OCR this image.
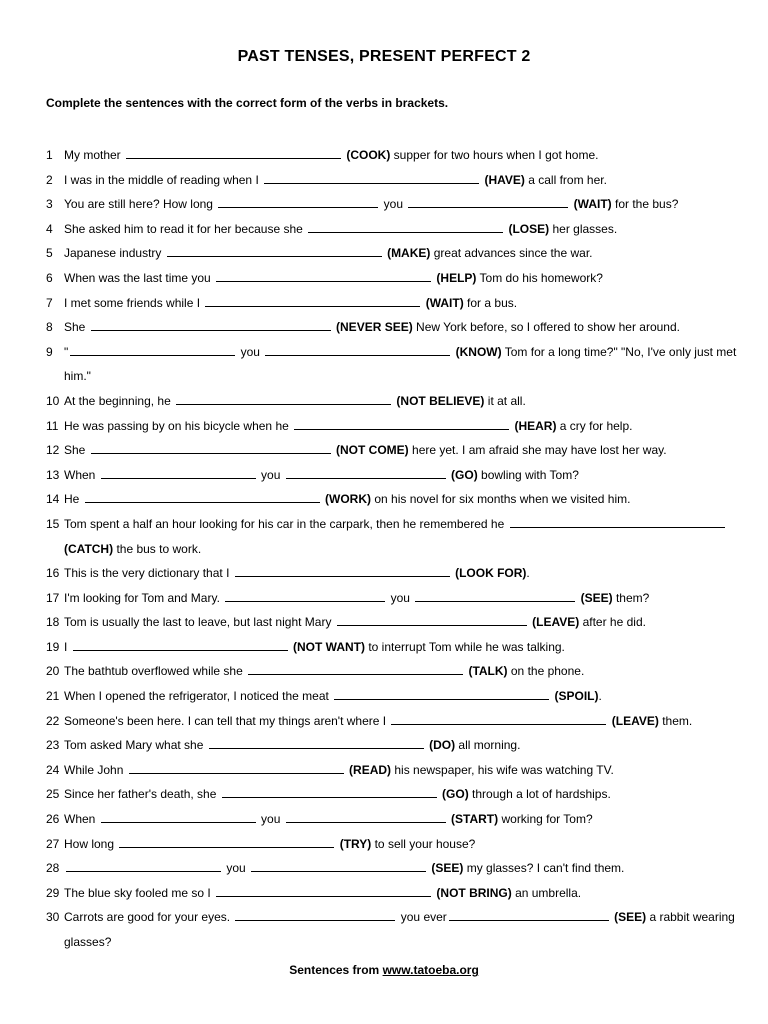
PAST TENSES, PRESENT PERFECT 2
Complete the sentences with the correct form of the verbs in brackets.
1 My mother	(COOK) supper for two hours when I got home.
2 I was in the middle of reading when I	(HAVE) a call from her.
3 You are still here? How long	you	(WAIT) for the bus?
4 She asked him to read it for her because she	(LOSE) her glasses.
5 Japanese industry	(MAKE) great advances since the war.
6 When was the last time you	(HELP) Tom do his homework?
7 I met some friends while I	(WAIT) for a bus.
8 She	(NEVER SEE) New York before, so I offered to show her around.
9 "	you	(KNOW) Tom for a long time?" "No, I've only just met him."
10 At the beginning, he	(NOT BELIEVE) it at all.
11 He was passing by on his bicycle when he	(HEAR) a cry for help.
12 She	(NOT COME) here yet. I am afraid she may have lost her way.
13 When	you	(GO) bowling with Tom?
14 He	(WORK) on his novel for six months when we visited him.
15 Tom spent a half an hour looking for his car in the carpark, then he remembered he  (CATCH) the bus to work.
16 This is the very dictionary that I	(LOOK FOR).
17 I'm looking for Tom and Mary.	you	(SEE) them?
18 Tom is usually the last to leave, but last night Mary	(LEAVE) after he did.
19 I	(NOT WANT) to interrupt Tom while he was talking.
20 The bathtub overflowed while she	(TALK) on the phone.
21 When I opened the refrigerator, I noticed the meat	(SPOIL).
22 Someone's been here. I can tell that my things aren't where I	(LEAVE) them.
23 Tom asked Mary what she	(DO) all morning.
24 While John	(READ) his newspaper, his wife was watching TV.
25 Since her father's death, she	(GO) through a lot of hardships.
26 When	you	(START) working for Tom?
27 How long	(TRY) to sell your house?
28	you	(SEE) my glasses? I can't find them.
29 The blue sky fooled me so I	(NOT BRING) an umbrella.
30 Carrots are good for your eyes.	you ever	(SEE) a rabbit wearing glasses?
Sentences from www.tatoeba.org
